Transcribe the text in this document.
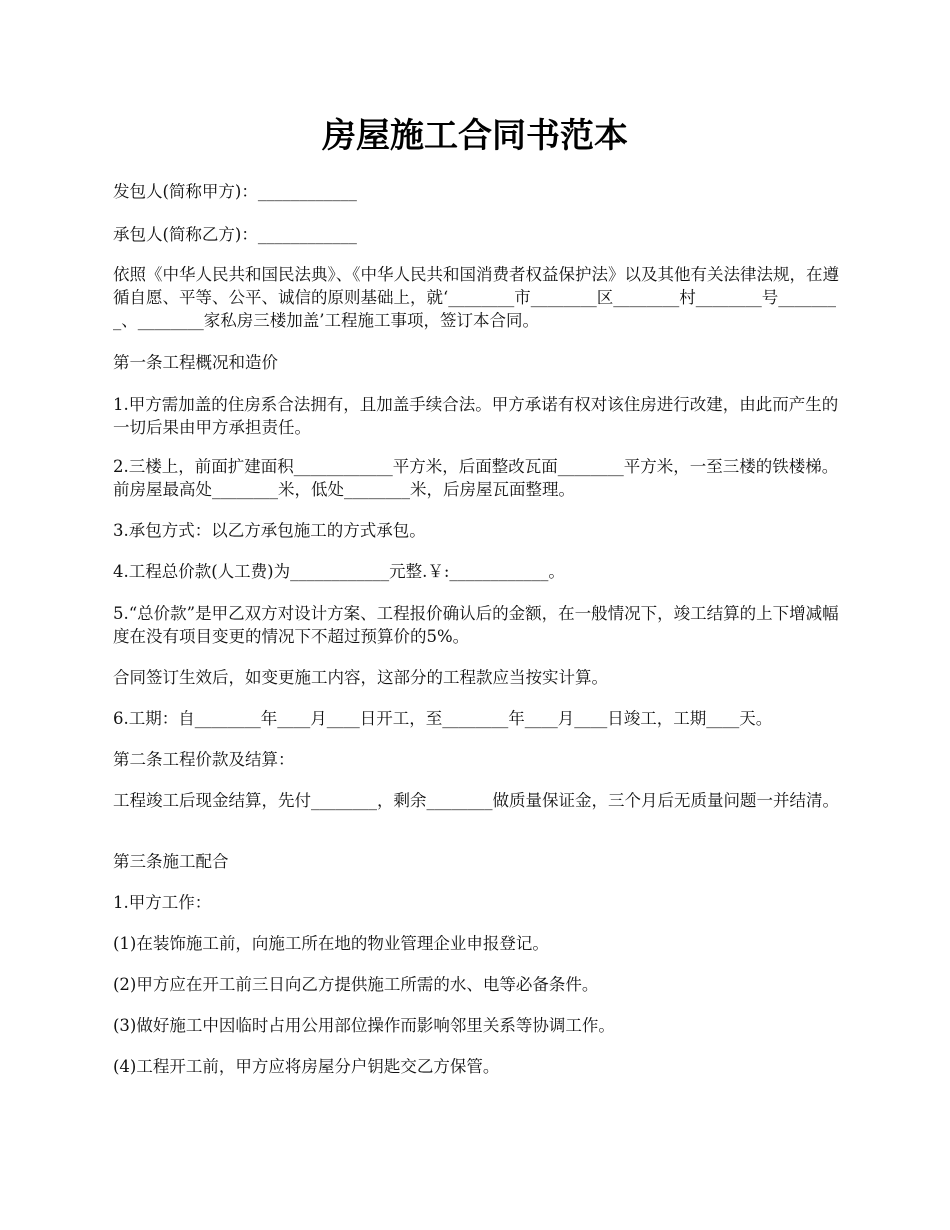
房屋施工合同书范本

发包人(简称甲方)：____________

承包人(简称乙方)：____________

依照《中华人民共和国民法典》、《中华人民共和国消费者权益保护法》以及其他有关法律法规，在遵循自愿、平等、公平、诚信的原则基础上，就‘________市________区________村________号________、________家私房三楼加盖’工程施工事项，签订本合同。

第一条工程概况和造价

1.甲方需加盖的住房系合法拥有，且加盖手续合法。甲方承诺有权对该住房进行改建，由此而产生的一切后果由甲方承担责任。

2.三楼上，前面扩建面积____________平方米，后面整改瓦面________平方米，一至三楼的铁楼梯。前房屋最高处________米，低处________米，后房屋瓦面整理。

3.承包方式：以乙方承包施工的方式承包。

4.工程总价款(人工费)为____________元整.￥:____________。

5.“总价款”是甲乙双方对设计方案、工程报价确认后的金额，在一般情况下，竣工结算的上下增减幅度在没有项目变更的情况下不超过预算价的5%。

合同签订生效后，如变更施工内容，这部分的工程款应当按实计算。

6.工期：自________年____月____日开工，至________年____月____日竣工，工期____天。

第二条工程价款及结算：

工程竣工后现金结算，先付________，剩余________做质量保证金，三个月后无质量问题一并结清。

第三条施工配合

1.甲方工作：

(1)在装饰施工前，向施工所在地的物业管理企业申报登记。

(2)甲方应在开工前三日向乙方提供施工所需的水、电等必备条件。

(3)做好施工中因临时占用公用部位操作而影响邻里关系等协调工作。

(4)工程开工前，甲方应将房屋分户钥匙交乙方保管。
